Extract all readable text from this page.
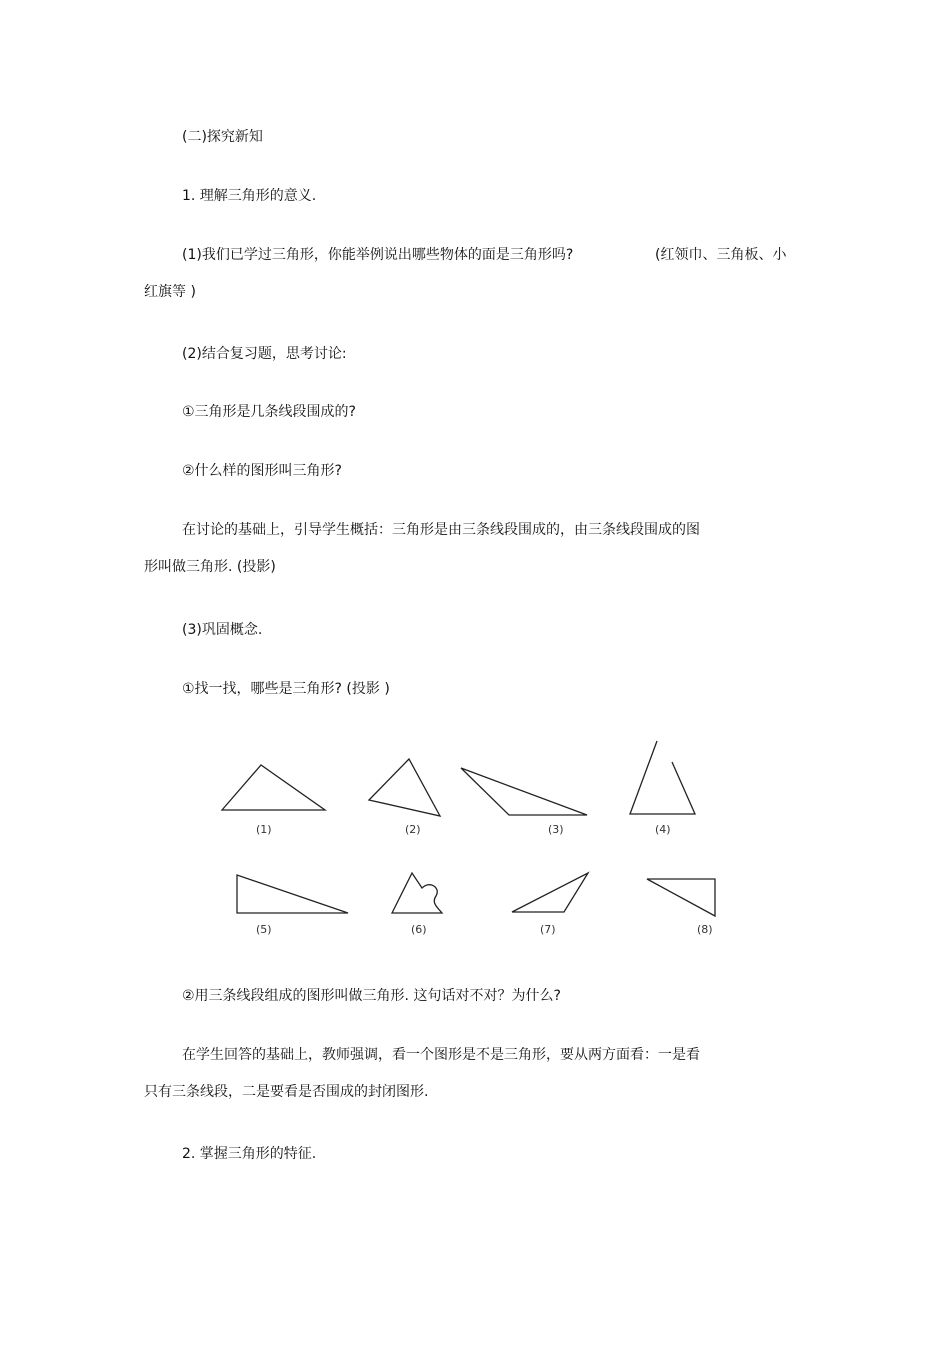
(二)探究新知
1. 理解三角形的意义.
(1)我们已学过三角形，你能举例说出哪些物体的面是三角形吗?	(红领巾、三角板、小
红旗等 )
(2)结合复习题，思考讨论:
①三角形是几条线段围成的?
②什么样的图形叫三角形?
在讨论的基础上，引导学生概括：三角形是由三条线段围成的，由三条线段围成的图
形叫做三角形. (投影)
(3)巩固概念.
①找一找，哪些是三角形? (投影 )
(1)	(2)	(3)	(4)
(5)	(6)	(7)	(8)
②用三条线段组成的图形叫做三角形. 这句话对不对？为什么?
在学生回答的基础上，教师强调，看一个图形是不是三角形，要从两方面看：一是看
只有三条线段，二是要看是否围成的封闭图形.
2. 掌握三角形的特征.
